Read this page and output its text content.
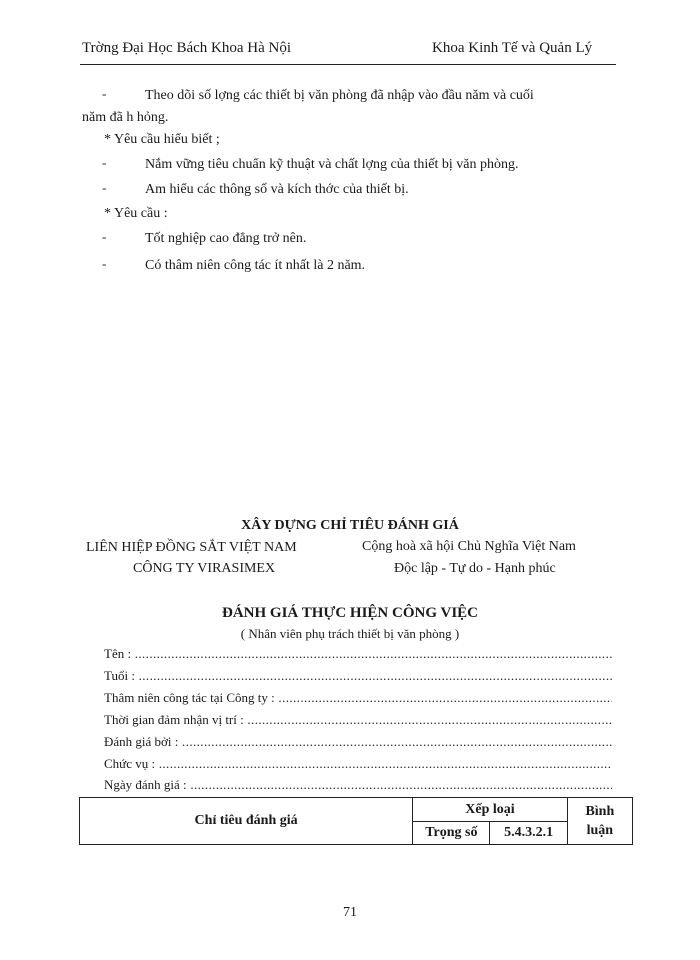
Trờng Đại Học Bách Khoa Hà Nội	Khoa Kinh Tế và Quản Lý
-	Theo dõi số lợng các thiết bị văn phòng đã nhập vào đầu năm và cuối
năm đã h hỏng.
* Yêu cầu hiểu biết ;
-	Nắm vững tiêu chuẩn kỹ thuật và chất lợng của thiết bị văn phòng.
-	Am hiểu các thông số và kích thớc của thiết bị.
* Yêu cầu :
-	Tốt nghiệp cao đẳng trở nên.
-	Có thâm niên công tác ít nhất là 2 năm.
XÂY DỰNG CHỈ TIÊU ĐÁNH GIÁ
LIÊN HIỆP ĐỒNG SẮT VIỆT NAM
CÔNG TY VIRASIMEX
Cộng hoà xã hội Chủ Nghĩa Việt Nam
Độc lập - Tự do - Hạnh phúc
ĐÁNH GIÁ THỰC HIỆN CÔNG VIỆC
( Nhân viên phụ trách thiết bị văn phòng )
Tên : .....
Tuổi : .....
Thâm niên công tác tại Công ty : .....
Thời gian đảm nhận vị trí : .....
Đánh giá bởi : .....
Chức vụ : .....
Ngày đánh giá : .....
Chỉ tiêu đánh giá	Xếp loại		Bình
luận

	Trọng số	5.4.3.2.1	
71
